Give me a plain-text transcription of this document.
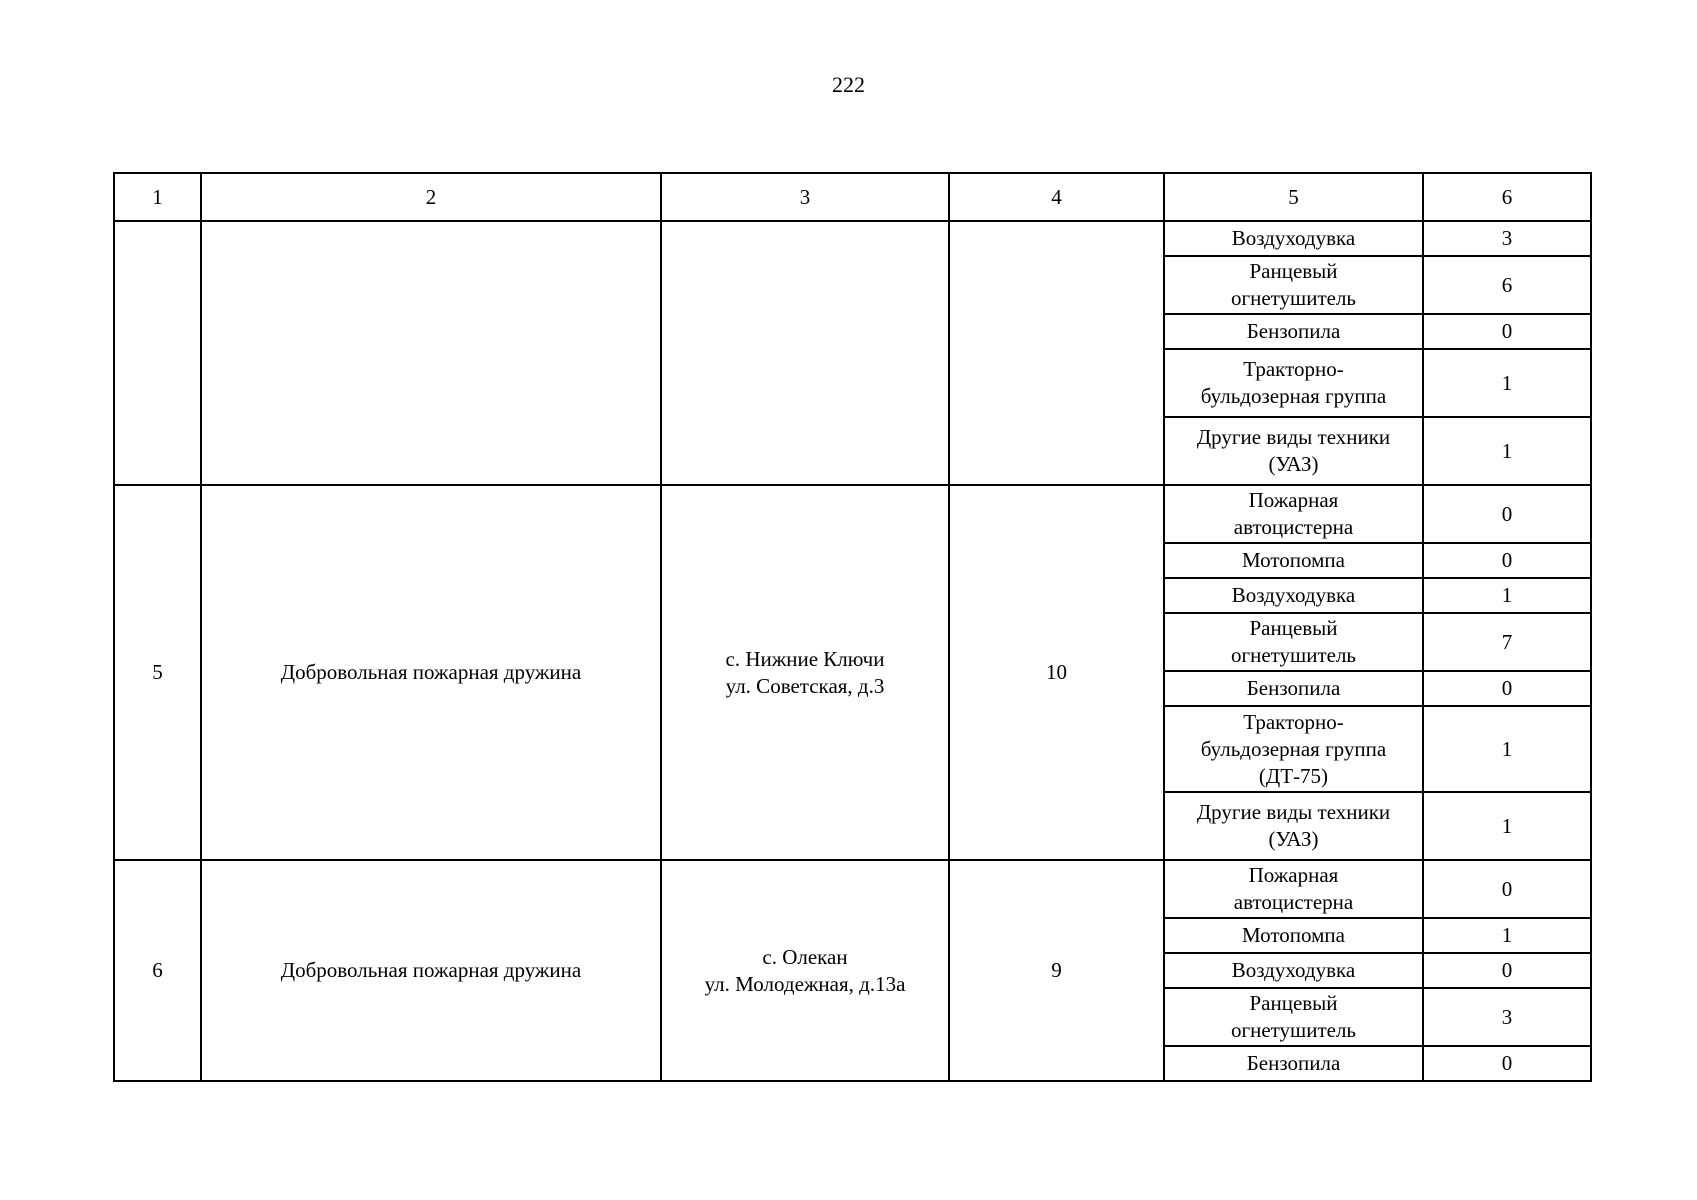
222
1	2	3	4	5	6

				Воздуходувка	3

				Ранцевый
огнетушитель	6

				Бензопила	0

				Тракторно-
бульдозерная группа	1

				Другие виды техники
(УАЗ)	1
5	Добровольная пожарная дружина	с. Нижние Ключи
ул. Советская, д.3	10	Пожарная
автоцистерна	0

				Мотопомпа	0

				Воздуходувка	1

				Ранцевый
огнетушитель	7

				Бензопила	0

				Тракторно-
бульдозерная группа
(ДТ-75)	1

				Другие виды техники
(УАЗ)	1
6	Добровольная пожарная дружина	с. Олекан
ул. Молодежная, д.13а	9	Пожарная
автоцистерна	0

				Мотопомпа	1

				Воздуходувка	0

				Ранцевый
огнетушитель	3

				Бензопила	0
